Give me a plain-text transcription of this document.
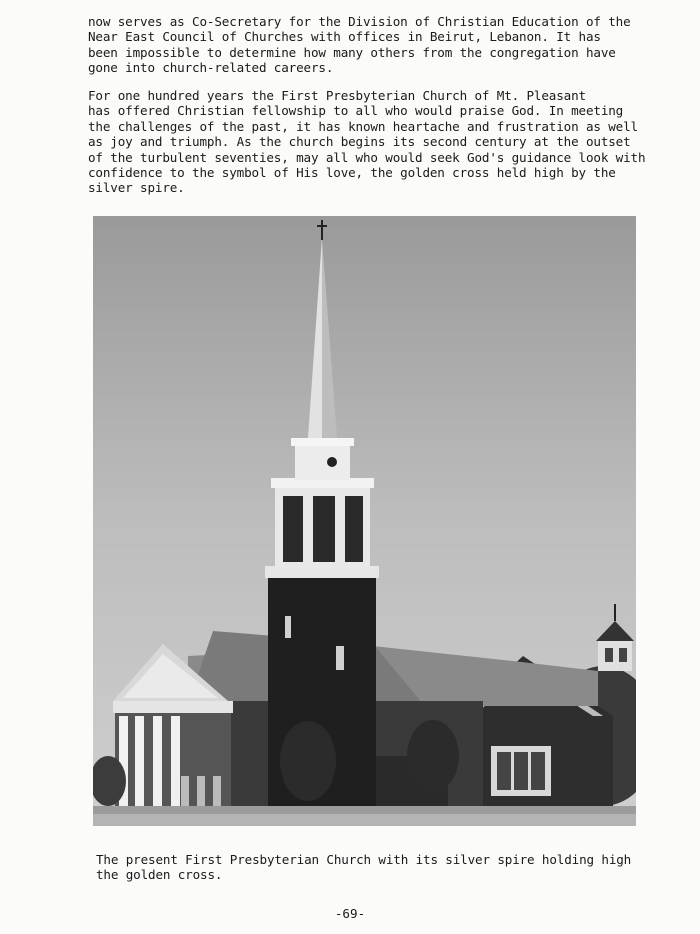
now serves as Co-Secretary for the Division of Christian Education of the
Near East Council of Churches with offices in Beirut, Lebanon. It has
been impossible to determine how many others from the congregation have
gone into church-related careers.

For one hundred years the First Presbyterian Church of Mt. Pleasant
has offered Christian fellowship to all who would praise God. In meeting
the challenges of the past, it has known heartache and frustration as well
as joy and triumph. As the church begins its second century at the outset
of the turbulent seventies, may all who would seek God's guidance look with
confidence to the symbol of His love, the golden cross held high by the
silver spire.

The present First Presbyterian Church with its silver spire holding high
the golden cross.

-69-
